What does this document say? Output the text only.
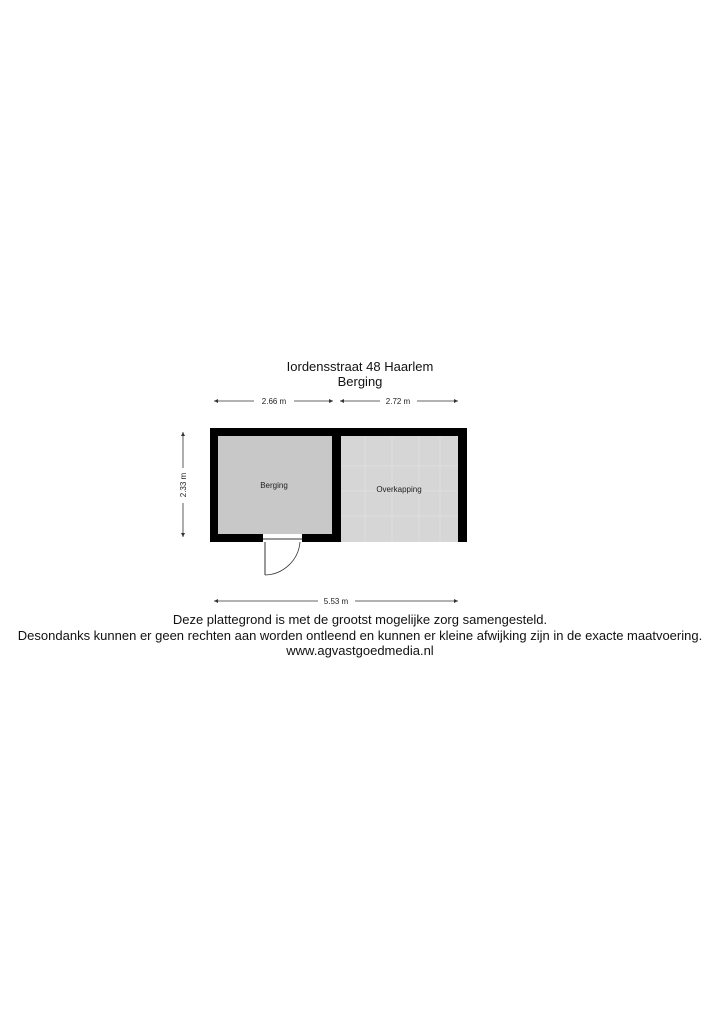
Iordensstraat 48 Haarlem
Berging
2.66 m	2.72 m
2.33 m	Berging	Overkapping
5.53 m
Deze plattegrond is met de grootst mogelijke zorg samengesteld.
Desondanks kunnen er geen rechten aan worden ontleend en kunnen er kleine afwijking zijn in de exacte maatvoering.
www.agvastgoedmedia.nl
